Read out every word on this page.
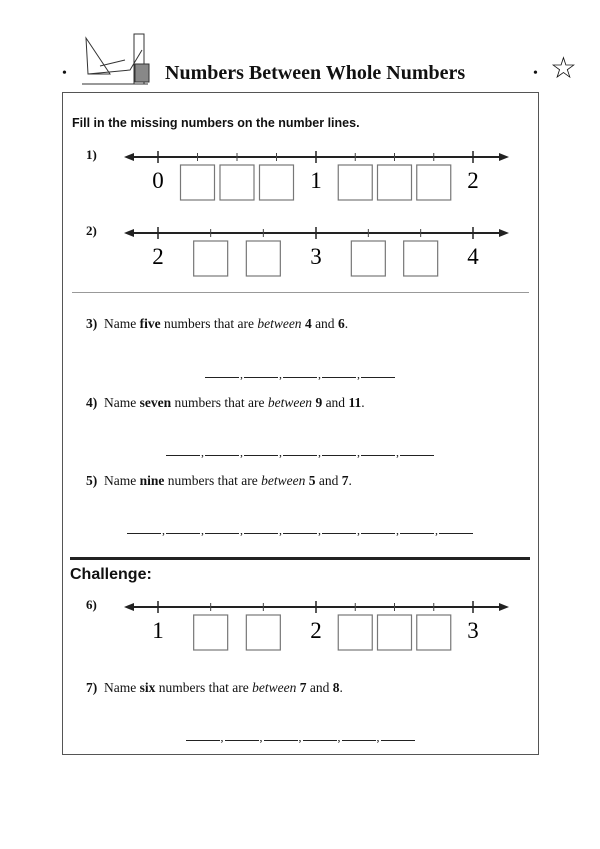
•	Numbers Between Whole Numbers	• ☆
Fill in the missing numbers on the number lines.
1)
0	1	2
2)
2	3	4
6)
1	2	3
Challenge:
3) Name five numbers that are between 4 and 6.
,	,	,	,
4) Name seven numbers that are between 9 and 11.
,	,	,	,	,	,
5) Name nine numbers that are between 5 and 7.
,	,	,	,	,	,	,	,
7) Name six numbers that are between 7 and 8.
,	,	,	,	,
